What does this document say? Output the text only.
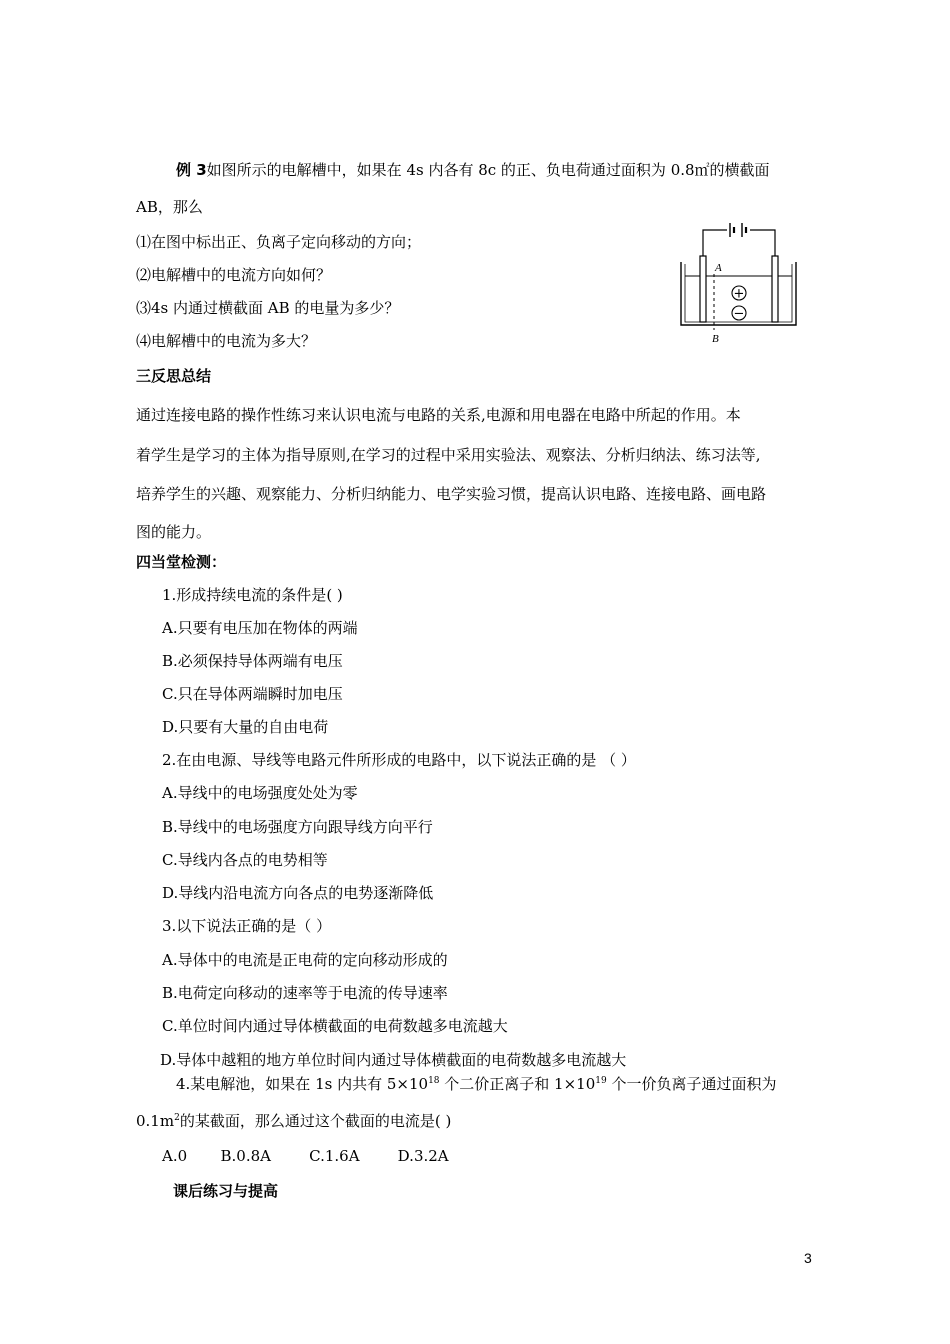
例 3如图所示的电解槽中，如果在 4s 内各有 8c 的正、负电荷通过面积为 0.8㎡的横截面
AB，那么
⑴在图中标出正、负离子定向移动的方向；
⑵电解槽中的电流方向如何？
⑶4s 内通过横截面 AB 的电量为多少？
⑷电解槽中的电流为多大？
A
B
+
−
三反思总结
通过连接电路的操作性练习来认识电流与电路的关系,电源和用电器在电路中所起的作用。本
着学生是学习的主体为指导原则,在学习的过程中采用实验法、观察法、分析归纳法、练习法等,
培养学生的兴趣、观察能力、分析归纳能力、电学实验习惯，提高认识电路、连接电路、画电路
图的能力。
四当堂检测：
1.形成持续电流的条件是( )
A.只要有电压加在物体的两端
B.必须保持导体两端有电压
C.只在导体两端瞬时加电压
D.只要有大量的自由电荷
2.在由电源、导线等电路元件所形成的电路中，以下说法正确的是 （ ）
A.导线中的电场强度处处为零
B.导线中的电场强度方向跟导线方向平行
C.导线内各点的电势相等
D.导线内沿电流方向各点的电势逐渐降低
3.以下说法正确的是（ ）
A.导体中的电流是正电荷的定向移动形成的
B.电荷定向移动的速率等于电流的传导速率
C.单位时间内通过导体横截面的电荷数越多电流越大
D.导体中越粗的地方单位时间内通过导体横截面的电荷数越多电流越大
4.某电解池，如果在 1s 内共有 $5\times 10^{18}$ 个二价正离子和 $1\times 10^{19}$ 个一价负离子通过面积为
$0.1m^2$的某截面，那么通过这个截面的电流是( )
A.0       B.0.8A        C.1.6A        D.3.2A
课后练习与提高
3
